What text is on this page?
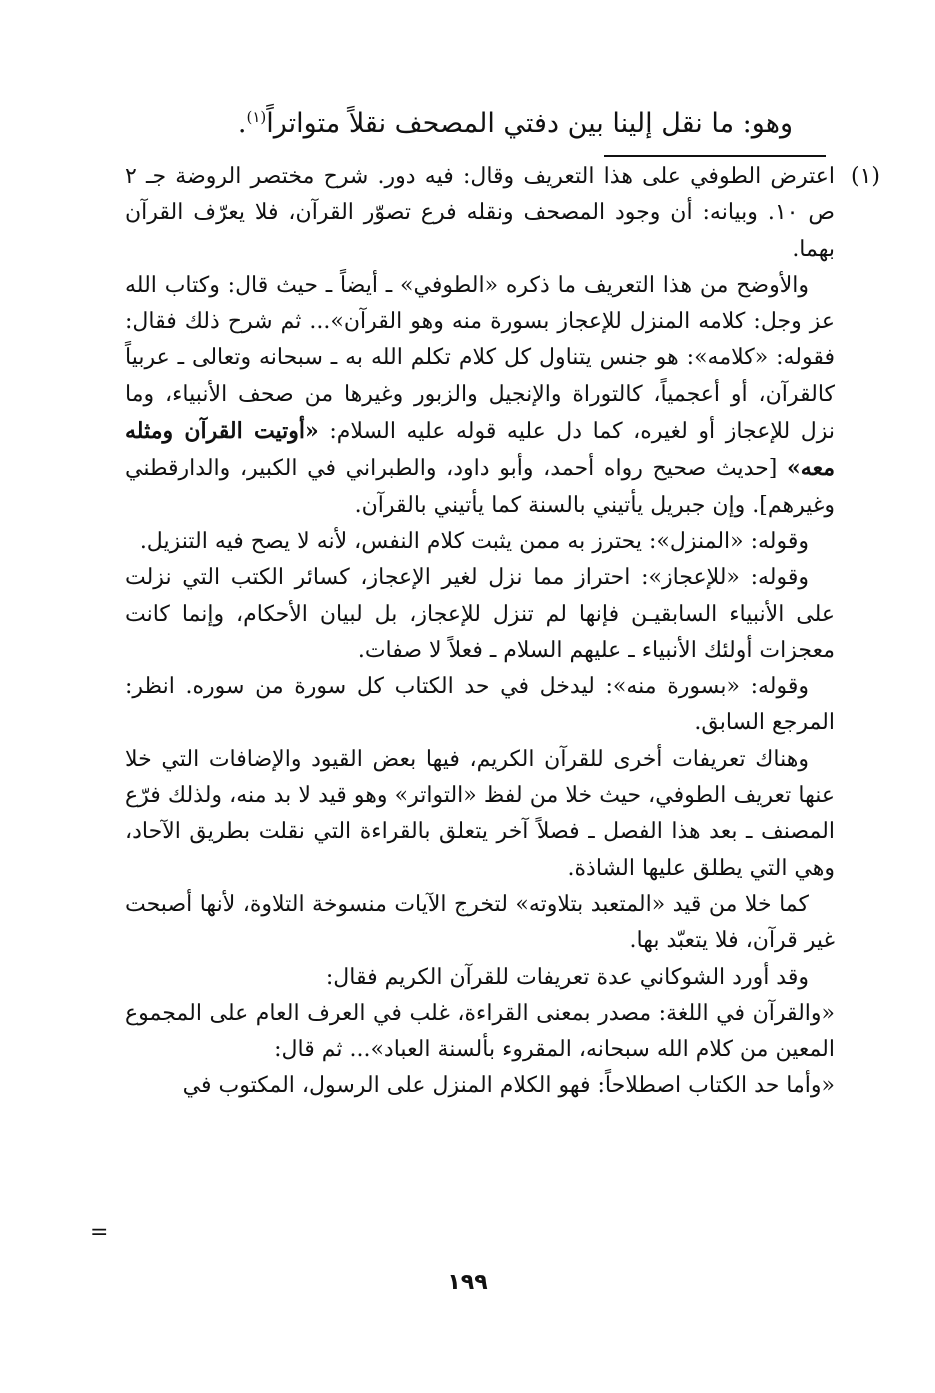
وهو: ما نقل إلينا بين دفتي المصحف نقلاً متواتراً$^{(١)}$.
(١)

اعترض الطوفي على هذا التعريف وقال: فيه دور. شرح مختصر الروضة جـ ٢ ص ١٠. وبيانه: أن وجود المصحف ونقله فرع تصوّر القرآن، فلا يعرّف القرآن بهما.

والأوضح من هذا التعريف ما ذكره «الطوفي» ـ أيضاً ـ حيث قال: وكتاب الله عز وجل: كلامه المنزل للإعجاز بسورة منه وهو القرآن»... ثم شرح ذلك فقال: فقوله: «كلامه»: هو جنس يتناول كل كلام تكلم الله به ـ سبحانه وتعالى ـ عربياً كالقرآن، أو أعجمياً، كالتوراة والإنجيل والزبور وغيرها من صحف الأنبياء، وما نزل للإعجاز أو لغيره، كما دل عليه قوله عليه السلام: «أوتيت القرآن ومثله معه» [حديث صحيح رواه أحمد، وأبو داود، والطبراني في الكبير، والدارقطني وغيرهم]. وإن جبريل يأتيني بالسنة كما يأتيني بالقرآن.

وقوله: «المنزل»: يحترز به ممن يثبت كلام النفس، لأنه لا يصح فيه التنزيل.

وقوله: «للإعجاز»: احتراز مما نزل لغير الإعجاز، كسائر الكتب التي نزلت على الأنبياء السابقيـن فإنها لم تنزل للإعجاز، بل لبيان الأحكام، وإنما كانت معجزات أولئك الأنبياء ـ عليهم السلام ـ فعلاً لا صفات.

وقوله: «بسورة منه»: ليدخل في حد الكتاب كل سورة من سوره. انظر: المرجع السابق.

وهناك تعريفات أخرى للقرآن الكريم، فيها بعض القيود والإضافات التي خلا عنها تعريف الطوفي، حيث خلا من لفظ «التواتر» وهو قيد لا بد منه، ولذلك فرّع المصنف ـ بعد هذا الفصل ـ فصلاً آخر يتعلق بالقراءة التي نقلت بطريق الآحاد، وهي التي يطلق عليها الشاذة.

كما خلا من قيد «المتعبد بتلاوته» لتخرج الآيات منسوخة التلاوة، لأنها أصبحت غير قرآن، فلا يتعبّد بها.

وقد أورد الشوكاني عدة تعريفات للقرآن الكريم فقال:

«والقرآن في اللغة: مصدر بمعنى القراءة، غلب في العرف العام على المجموع المعين من كلام الله سبحانه، المقروء بألسنة العباد»... ثم قال:

«وأما حد الكتاب اصطلاحاً: فهو الكلام المنزل على الرسول، المكتوب في

=
١٩٩
